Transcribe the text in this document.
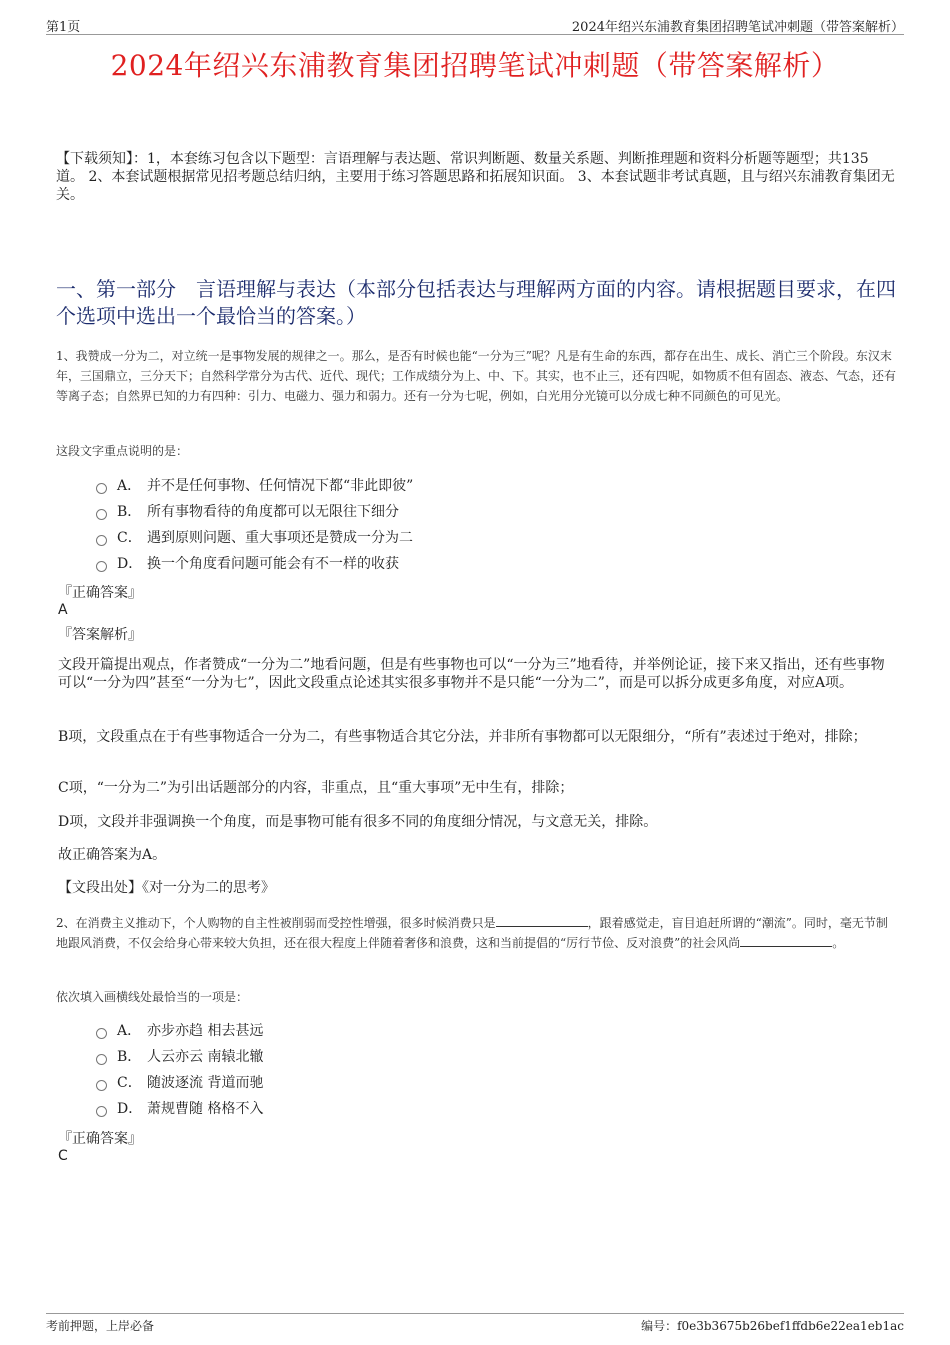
第1页	2024年绍兴东浦教育集团招聘笔试冲刺题（带答案解析）
2024年绍兴东浦教育集团招聘笔试冲刺题（带答案解析）
【下载须知】：1，本套练习包含以下题型：言语理解与表达题、常识判断题、数量关系题、判断推理题和资料分析题等题型；共135道。 2、本套试题根据常见招考题总结归纳，主要用于练习答题思路和拓展知识面。 3、本套试题非考试真题，且与绍兴东浦教育集团无关。
一、第一部分　言语理解与表达（本部分包括表达与理解两方面的内容。请根据题目要求，在四个选项中选出一个最恰当的答案。）
1、我赞成一分为二，对立统一是事物发展的规律之一。那么，是否有时候也能“一分为三”呢？凡是有生命的东西，都存在出生、成长、消亡三个阶段。东汉末年，三国鼎立，三分天下；自然科学常分为古代、近代、现代；工作成绩分为上、中、下。其实，也不止三，还有四呢，如物质不但有固态、液态、气态，还有等离子态；自然界已知的力有四种：引力、电磁力、强力和弱力。还有一分为七呢，例如，白光用分光镜可以分成七种不同颜色的可见光。
这段文字重点说明的是：
A． 并不是任何事物、任何情况下都“非此即彼”
B． 所有事物看待的角度都可以无限往下细分
C． 遇到原则问题、重大事项还是赞成一分为二
D． 换一个角度看问题可能会有不一样的收获
『正确答案』
A
『答案解析』
文段开篇提出观点，作者赞成“一分为二”地看问题，但是有些事物也可以“一分为三”地看待，并举例论证，接下来又指出，还有些事物可以“一分为四”甚至“一分为七”，因此文段重点论述其实很多事物并不是只能“一分为二”，而是可以拆分成更多角度，对应A项。
B项，文段重点在于有些事物适合一分为二，有些事物适合其它分法，并非所有事物都可以无限细分，“所有”表述过于绝对，排除；
C项，“一分为二”为引出话题部分的内容，非重点，且“重大事项”无中生有，排除；
D项，文段并非强调换一个角度，而是事物可能有很多不同的角度细分情况，与文意无关，排除。
故正确答案为A。
【文段出处】《对一分为二的思考》
2、在消费主义推动下，个人购物的自主性被削弱而受控性增强，很多时候消费只是	，跟着感觉走，盲目追赶所谓的“潮流”。同时，毫无节制地跟风消费，不仅会给身心带来较大负担，还在很大程度上伴随着奢侈和浪费，这和当前提倡的“厉行节俭、反对浪费”的社会风尚	。
依次填入画横线处最恰当的一项是：
A． 亦步亦趋 相去甚远
B． 人云亦云 南辕北辙
C． 随波逐流 背道而驰
D． 萧规曹随 格格不入
『正确答案』
C
考前押题，上岸必备	编号：f0e3b3675b26bef1ffdb6e22ea1eb1ac
